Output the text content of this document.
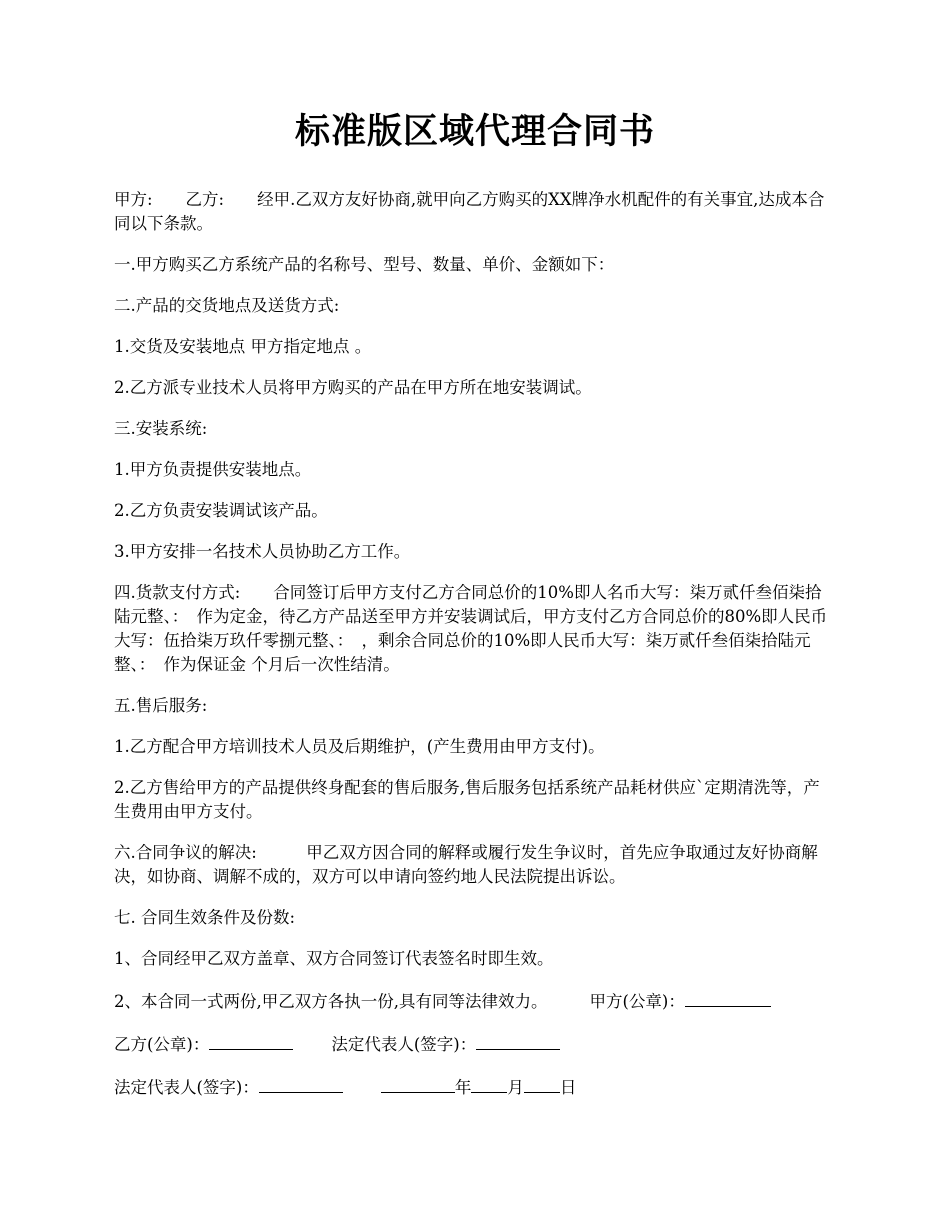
标准版区域代理合同书

甲方:　　乙方:　　经甲.乙双方友好协商,就甲向乙方购买的XX牌净水机配件的有关事宜,达成本合同以下条款。

一.甲方购买乙方系统产品的名称号、型号、数量、单价、金额如下：

二.产品的交货地点及送货方式:

1.交货及安装地点 甲方指定地点 。

2.乙方派专业技术人员将甲方购买的产品在甲方所在地安装调试。

三.安装系统:

1.甲方负责提供安装地点。

2.乙方负责安装调试该产品。

3.甲方安排一名技术人员协助乙方工作。

四.货款支付方式:　　合同签订后甲方支付乙方合同总价的10%即人名币大写：柒万贰仟叁佰柒拾陆元整、：　作为定金，待乙方产品送至甲方并安装调试后，甲方支付乙方合同总价的80%即人民币大写：伍拾柒万玖仟零捌元整、：　，剩余合同总价的10%即人民币大写：柒万贰仟叁佰柒拾陆元整、：　作为保证金 个月后一次性结清。

五.售后服务:

1.乙方配合甲方培训技术人员及后期维护，(产生费用由甲方支付)。

2.乙方售给甲方的产品提供终身配套的售后服务,售后服务包括系统产品耗材供应`定期清洗等，产生费用由甲方支付。

六.合同争议的解决:　　　甲乙双方因合同的解释或履行发生争议时，首先应争取通过友好协商解决，如协商、调解不成的，双方可以申请向签约地人民法院提出诉讼。

七. 合同生效条件及份数:

1、合同经甲乙双方盖章、双方合同签订代表签名时即生效。

2、本合同一式两份,甲乙双方各执一份,具有同等法律效力。	甲方(公章)：

乙方(公章)：	法定代表人(签字)：

法定代表人(签字)：	年 月 日
